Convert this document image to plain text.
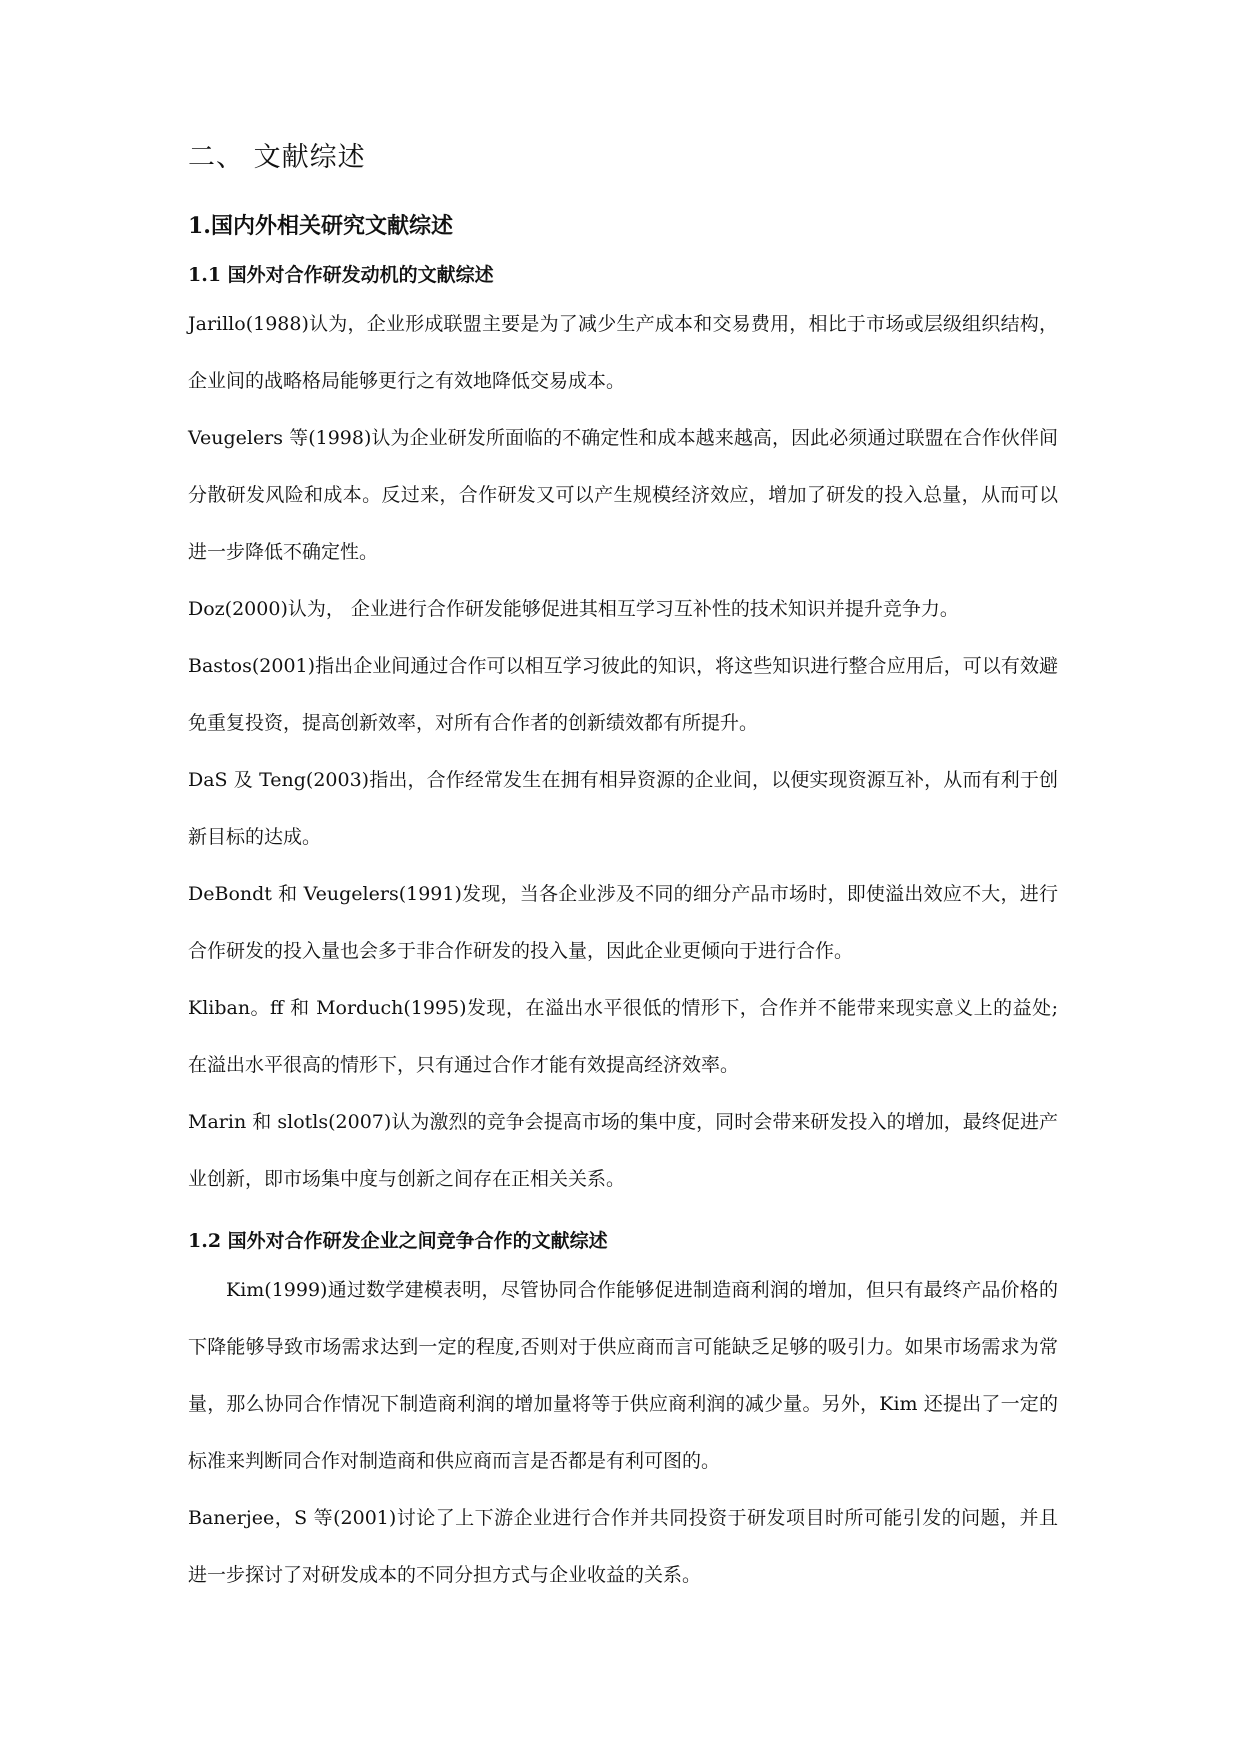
二、 文献综述
1.国内外相关研究文献综述
1.1 国外对合作研发动机的文献综述

Jarillo(1988)认为，企业形成联盟主要是为了减少生产成本和交易费用，相比于市场或层级组织结构，企业间的战略格局能够更行之有效地降低交易成本。

Veugelers 等(1998)认为企业研发所面临的不确定性和成本越来越高，因此必须通过联盟在合作伙伴间分散研发风险和成本。反过来，合作研发又可以产生规模经济效应，增加了研发的投入总量，从而可以进一步降低不确定性。

Doz(2000)认为， 企业进行合作研发能够促进其相互学习互补性的技术知识并提升竞争力。

Bastos(2001)指出企业间通过合作可以相互学习彼此的知识，将这些知识进行整合应用后，可以有效避免重复投资，提高创新效率，对所有合作者的创新绩效都有所提升。

DaS 及 Teng(2003)指出，合作经常发生在拥有相异资源的企业间，以便实现资源互补，从而有利于创新目标的达成。

DeBondt 和 Veugelers(1991)发现，当各企业涉及不同的细分产品市场时，即使溢出效应不大，进行合作研发的投入量也会多于非合作研发的投入量，因此企业更倾向于进行合作。

Kliban。ff 和 Morduch(1995)发现，在溢出水平很低的情形下，合作并不能带来现实意义上的益处;在溢出水平很高的情形下，只有通过合作才能有效提高经济效率。

Marin 和 slotls(2007)认为激烈的竞争会提高市场的集中度，同时会带来研发投入的增加，最终促进产业创新，即市场集中度与创新之间存在正相关关系。

1.2 国外对合作研发企业之间竞争合作的文献综述

Kim(1999)通过数学建模表明，尽管协同合作能够促进制造商利润的增加，但只有最终产品价格的下降能够导致市场需求达到一定的程度,否则对于供应商而言可能缺乏足够的吸引力。如果市场需求为常量，那么协同合作情况下制造商利润的增加量将等于供应商利润的减少量。另外，Kim 还提出了一定的标准来判断同合作对制造商和供应商而言是否都是有利可图的。

Banerjee，S 等(2001)讨论了上下游企业进行合作并共同投资于研发项目时所可能引发的问题，并且进一步探讨了对研发成本的不同分担方式与企业收益的关系。
